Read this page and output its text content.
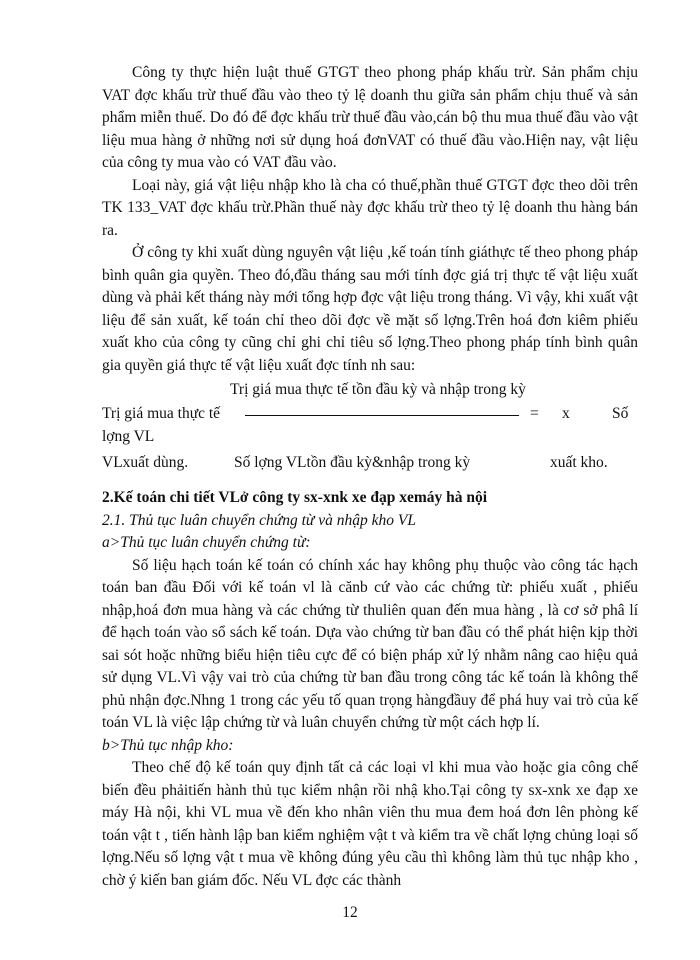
Công ty thực hiện luật thuế GTGT theo phong pháp khấu trừ. Sản phẩm chịu VAT đợc khấu trừ thuế đầu vào theo tỷ lệ doanh thu giữa sản phẩm chịu thuế và sản phẩm miễn thuế. Do đó để đợc khấu trừ thuế đầu vào,cán bộ thu mua thuế đầu vào vật liệu mua hàng ở những nơi sử dụng hoá đơnVAT có thuế đầu vào.Hiện nay, vật liệu của công ty mua vào có VAT đầu vào.

Loại này, giá vật liệu nhập kho là cha có thuế,phần thuế GTGT đợc theo dõi trên TK 133_VAT đợc khấu trừ.Phần thuế này đợc khấu trừ theo tỷ lệ doanh thu hàng bán ra.

Ở công ty khi xuất dùng nguyên vật liệu ,kế toán tính giáthực tế theo phong pháp bình quân gia quyền. Theo đó,đầu tháng sau mới tính đợc giá trị thực tế vật liệu xuất dùng và phải kết tháng này mới tổng hợp đợc vật liệu trong tháng. Vì vậy, khi xuất vật liệu để sản xuất, kế toán chỉ theo dõi đợc về mặt số lợng.Trên hoá đơn kiêm phiếu xuất kho của công ty cũng chỉ ghi chỉ tiêu số lợng.Theo phong pháp tính bình quân gia quyền giá thực tế vật liệu xuất đợc tính nh sau:

Trị giá mua thực tế tồn đầu kỳ và nhập trong kỳ
Trị giá mua thực tế	= x	Số
lợng VL
VLxuất dùng.	Số lợng VLtồn đầu kỳ&nhập trong kỳ	xuất kho.

2.Kế toán chi tiết VLở công ty sx-xnk xe đạp xemáy hà nội

2.1. Thủ tục luân chuyển chứng từ và nhập kho VL

a>Thủ tục luân chuyển chứng từ:

Số liệu hạch toán kế toán có chính xác hay không phụ thuộc vào công tác hạch toán ban đầu Đối với kế toán vl là cănb cứ vào các chứng từ: phiếu xuất , phiếu nhập,hoá đơn mua hàng và các chứng từ thuliên quan đến mua hàng , là cơ sở phâ lí để hạch toán vào sổ sách kế toán. Dựa vào chứng từ ban đầu có thể phát hiện kịp thời sai sót hoặc những biểu hiện tiêu cực để có biện pháp xử lý nhằm nâng cao hiệu quả sử dụng VL.Vì vậy vai trò của chứng từ ban đầu trong công tác kế toán là không thể phủ nhận đợc.Nhng 1 trong các yếu tố quan trọng hàngđầuy để phá huy vai trò của kế toán VL là việc lập chứng từ và luân chuyển chứng từ một cách hợp lí.

b>Thủ tục nhập kho:

Theo chế độ kế toán quy định tất cả các loại vl khi mua vào hoặc gia công chế biến đều phảitiến hành thủ tục kiểm nhận rồi nhậ kho.Tại công ty sx-xnk xe đạp xe máy Hà nội, khi VL mua về đến kho nhân viên thu mua đem hoá đơn lên phòng kế toán vật t , tiến hành lập ban kiểm nghiệm vật t và kiểm tra về chất lợng chủng loại số lợng.Nếu số lợng vật t mua về không đúng yêu cầu thì không làm thủ tục nhập kho , chờ ý kiến ban giám đốc. Nếu VL đợc các thành

12
